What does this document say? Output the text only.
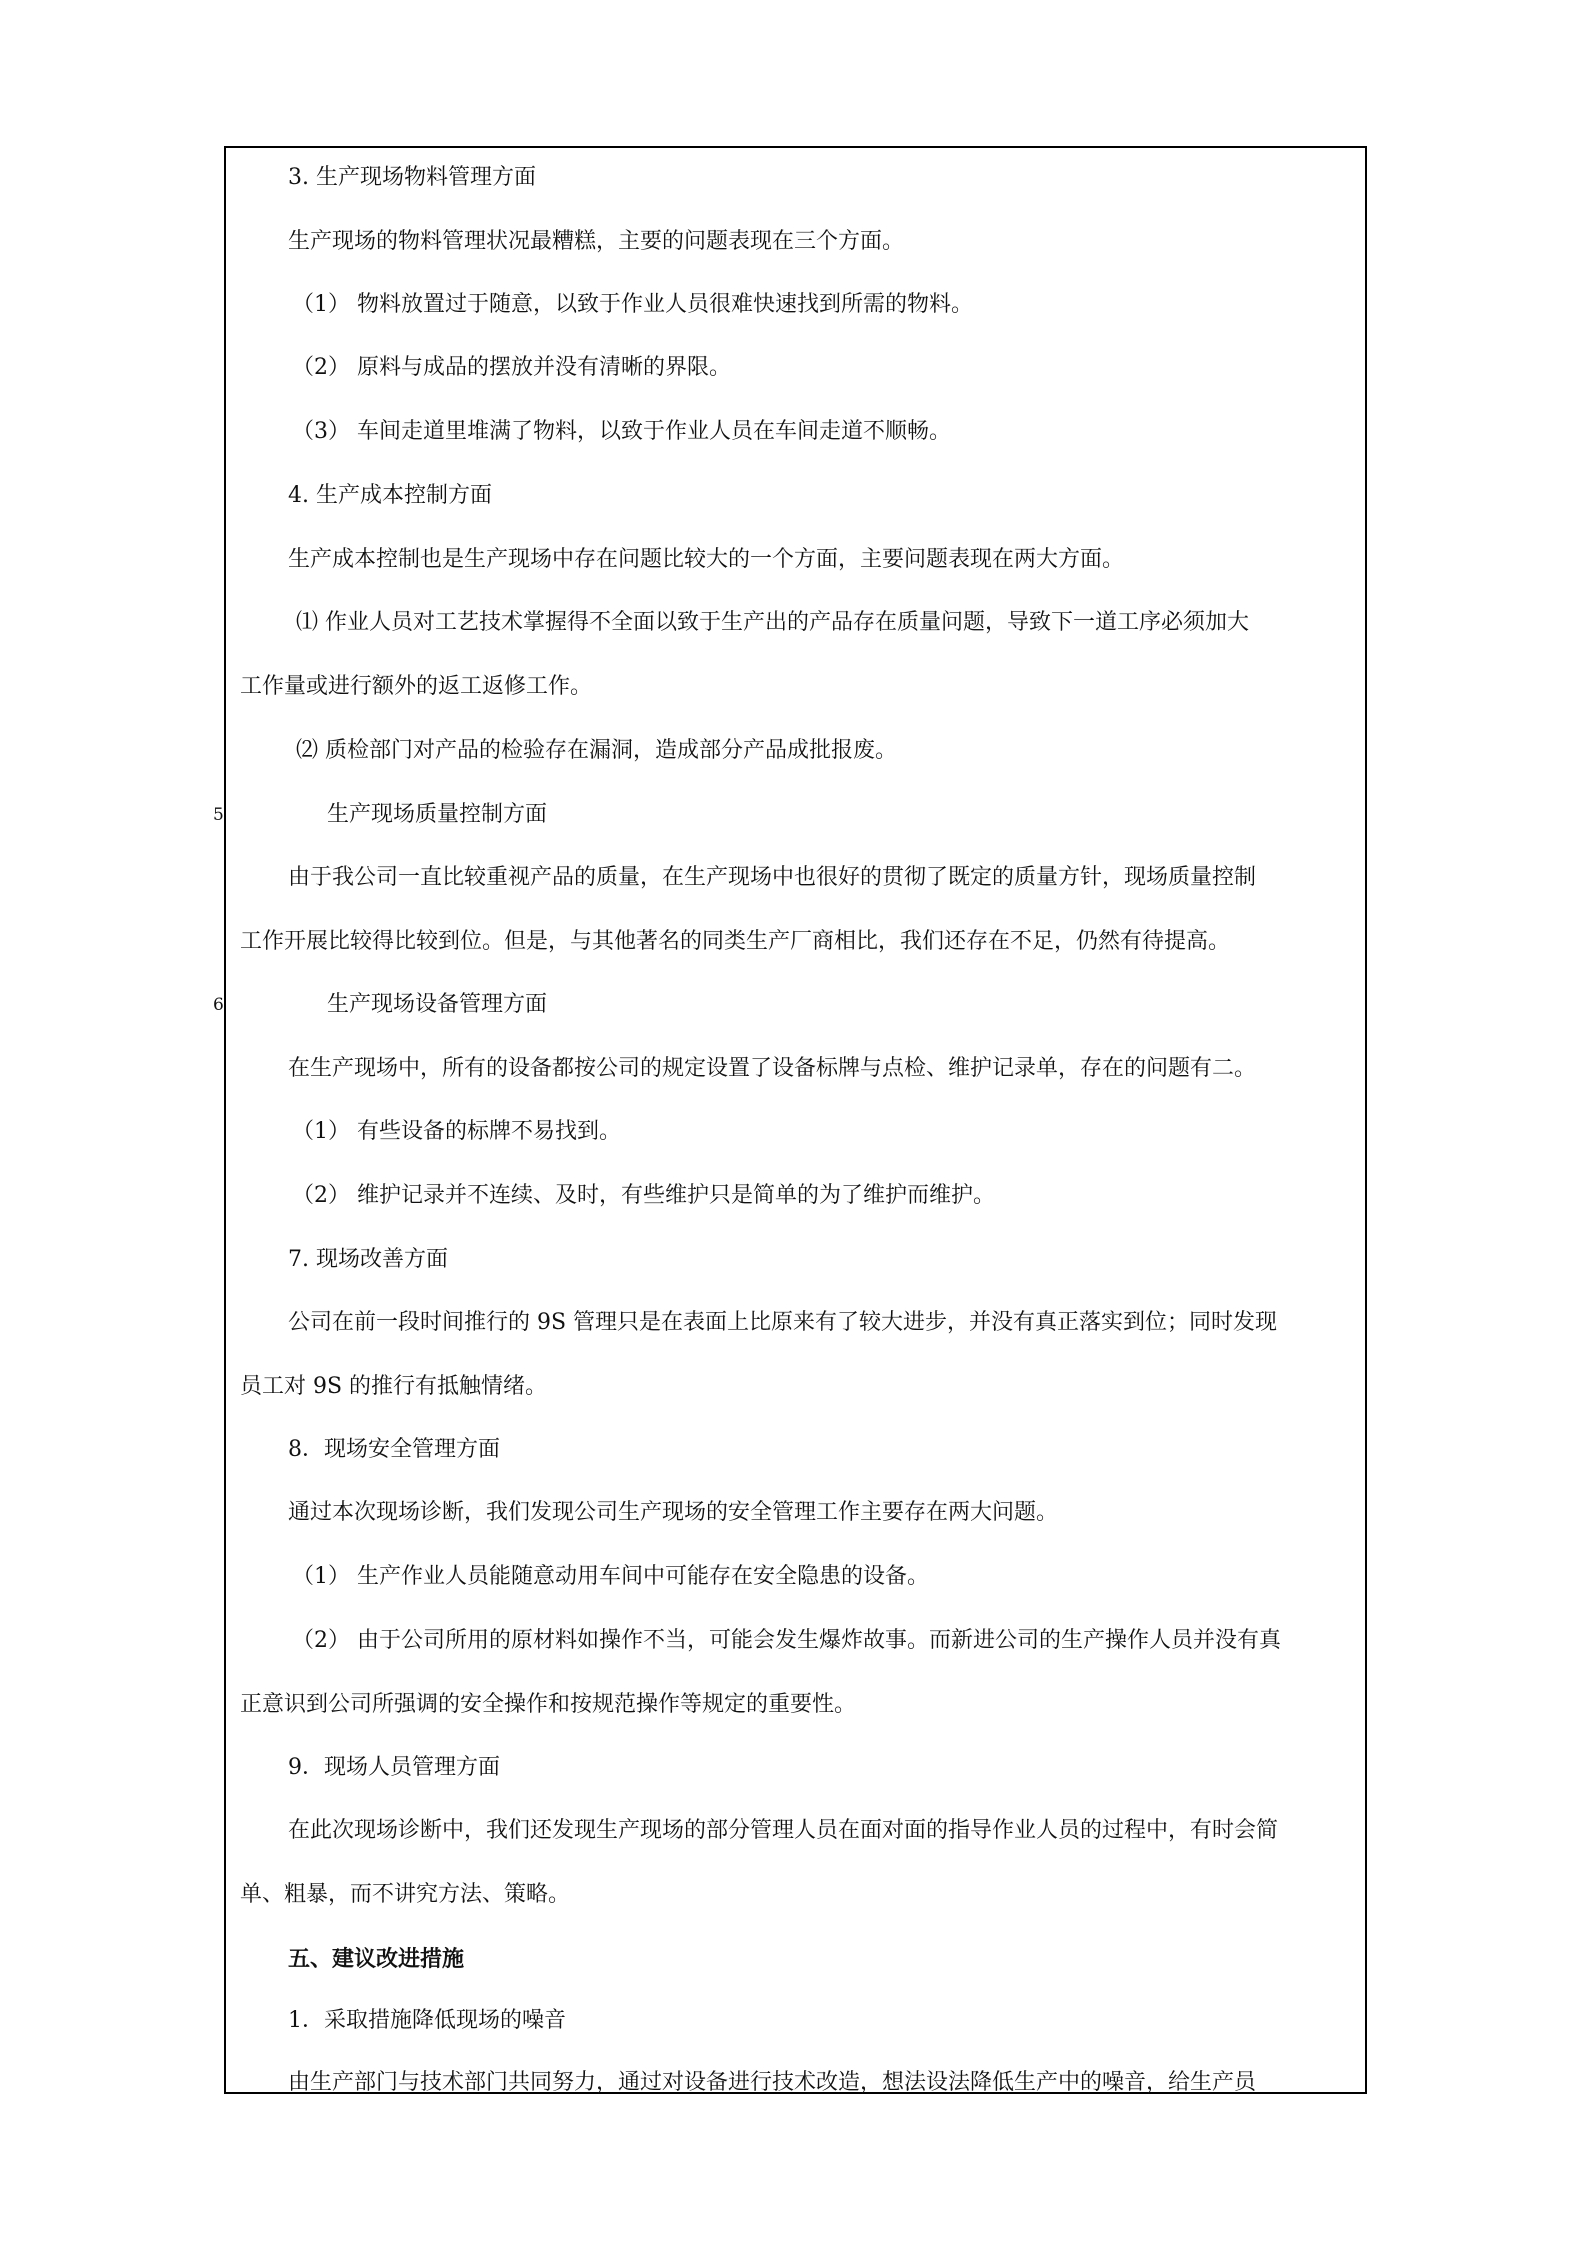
3. 生产现场物料管理方面
生产现场的物料管理状况最糟糕，主要的问题表现在三个方面。
（1） 物料放置过于随意，以致于作业人员很难快速找到所需的物料。
（2） 原料与成品的摆放并没有清晰的界限。
（3） 车间走道里堆满了物料，以致于作业人员在车间走道不顺畅。
4. 生产成本控制方面
生产成本控制也是生产现场中存在问题比较大的一个方面，主要问题表现在两大方面。
⑴ 作业人员对工艺技术掌握得不全面以致于生产出的产品存在质量问题，导致下一道工序必须加大
工作量或进行额外的返工返修工作。
⑵ 质检部门对产品的检验存在漏洞，造成部分产品成批报废。
5	生产现场质量控制方面
由于我公司一直比较重视产品的质量，在生产现场中也很好的贯彻了既定的质量方针，现场质量控制
工作开展比较得比较到位。但是，与其他著名的同类生产厂商相比，我们还存在不足，仍然有待提高。
6	生产现场设备管理方面
在生产现场中，所有的设备都按公司的规定设置了设备标牌与点检、维护记录单，存在的问题有二。
（1） 有些设备的标牌不易找到。
（2） 维护记录并不连续、及时，有些维护只是简单的为了维护而维护。
7. 现场改善方面
公司在前一段时间推行的 9S 管理只是在表面上比原来有了较大进步，并没有真正落实到位；同时发现
员工对 9S 的推行有抵触情绪。
8．现场安全管理方面
通过本次现场诊断，我们发现公司生产现场的安全管理工作主要存在两大问题。
（1） 生产作业人员能随意动用车间中可能存在安全隐患的设备。
（2） 由于公司所用的原材料如操作不当，可能会发生爆炸故事。而新进公司的生产操作人员并没有真
正意识到公司所强调的安全操作和按规范操作等规定的重要性。
9．现场人员管理方面
在此次现场诊断中，我们还发现生产现场的部分管理人员在面对面的指导作业人员的过程中，有时会简
单、粗暴，而不讲究方法、策略。
五、建议改进措施
1．采取措施降低现场的噪音
由生产部门与技术部门共同努力，通过对设备进行技术改造，想法设法降低生产中的噪音，给生产员
